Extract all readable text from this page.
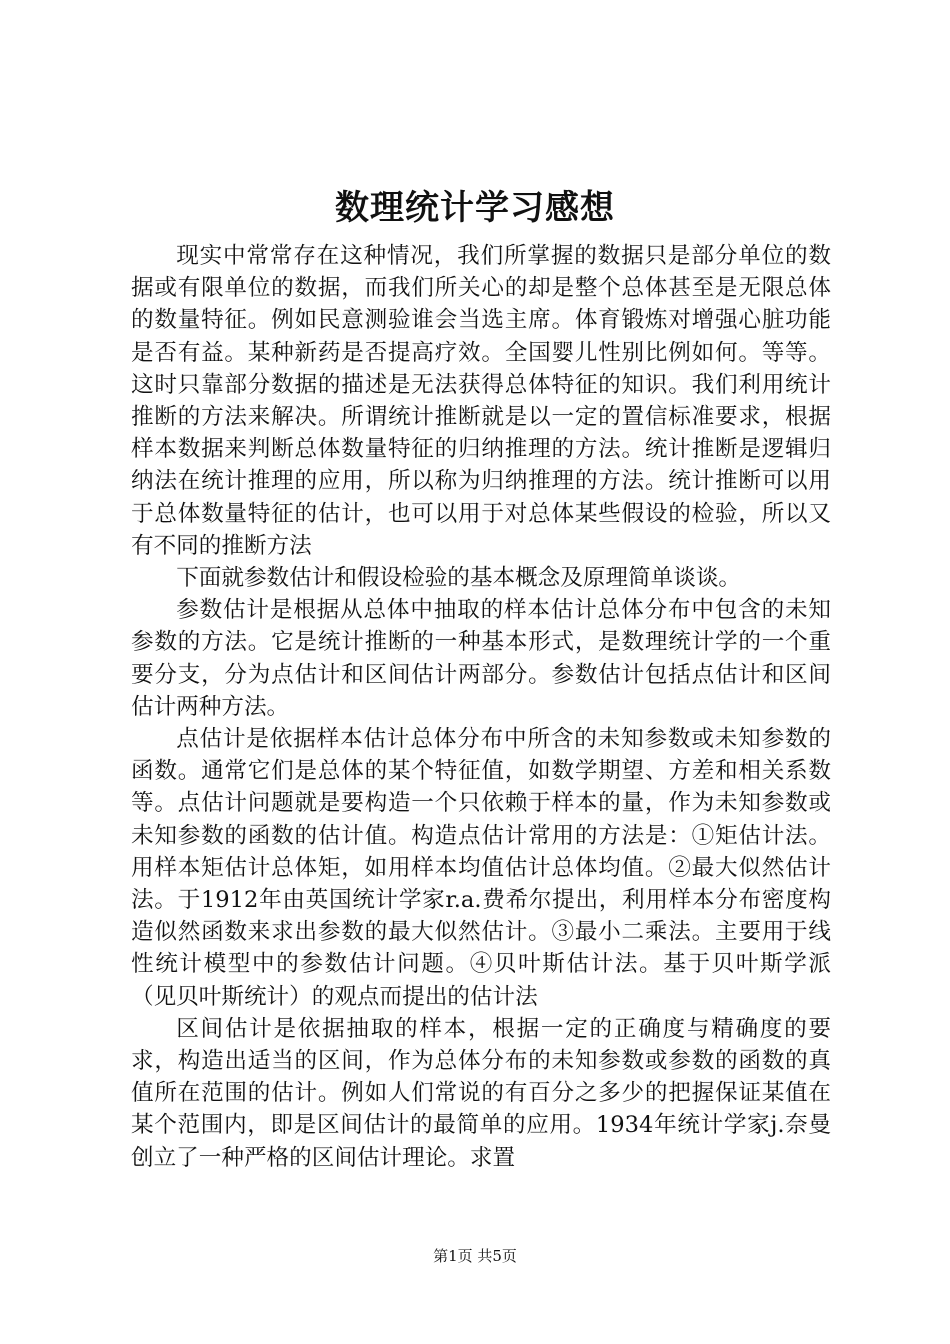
数理统计学习感想

现实中常常存在这种情况，我们所掌握的数据只是部分单位的数据或有限单位的数据，而我们所关心的却是整个总体甚至是无限总体的数量特征。例如民意测验谁会当选主席。体育锻炼对增强心脏功能是否有益。某种新药是否提高疗效。全国婴儿性别比例如何。等等。这时只靠部分数据的描述是无法获得总体特征的知识。我们利用统计推断的方法来解决。所谓统计推断就是以一定的置信标准要求，根据样本数据来判断总体数量特征的归纳推理的方法。统计推断是逻辑归纳法在统计推理的应用，所以称为归纳推理的方法。统计推断可以用于总体数量特征的估计，也可以用于对总体某些假设的检验，所以又有不同的推断方法

下面就参数估计和假设检验的基本概念及原理简单谈谈。

参数估计是根据从总体中抽取的样本估计总体分布中包含的未知参数的方法。它是统计推断的一种基本形式，是数理统计学的一个重要分支，分为点估计和区间估计两部分。参数估计包括点估计和区间估计两种方法。

点估计是依据样本估计总体分布中所含的未知参数或未知参数的函数。通常它们是总体的某个特征值，如数学期望、方差和相关系数等。点估计问题就是要构造一个只依赖于样本的量，作为未知参数或未知参数的函数的估计值。构造点估计常用的方法是：①矩估计法。用样本矩估计总体矩，如用样本均值估计总体均值。②最大似然估计法。于1912年由英国统计学家r.a.费希尔提出，利用样本分布密度构造似然函数来求出参数的最大似然估计。③最小二乘法。主要用于线性统计模型中的参数估计问题。④贝叶斯估计法。基于贝叶斯学派（见贝叶斯统计）的观点而提出的估计法

区间估计是依据抽取的样本，根据一定的正确度与精确度的要求，构造出适当的区间，作为总体分布的未知参数或参数的函数的真值所在范围的估计。例如人们常说的有百分之多少的把握保证某值在某个范围内，即是区间估计的最简单的应用。1934年统计学家j.奈曼创立了一种严格的区间估计理论。求置

第1页 共5页
